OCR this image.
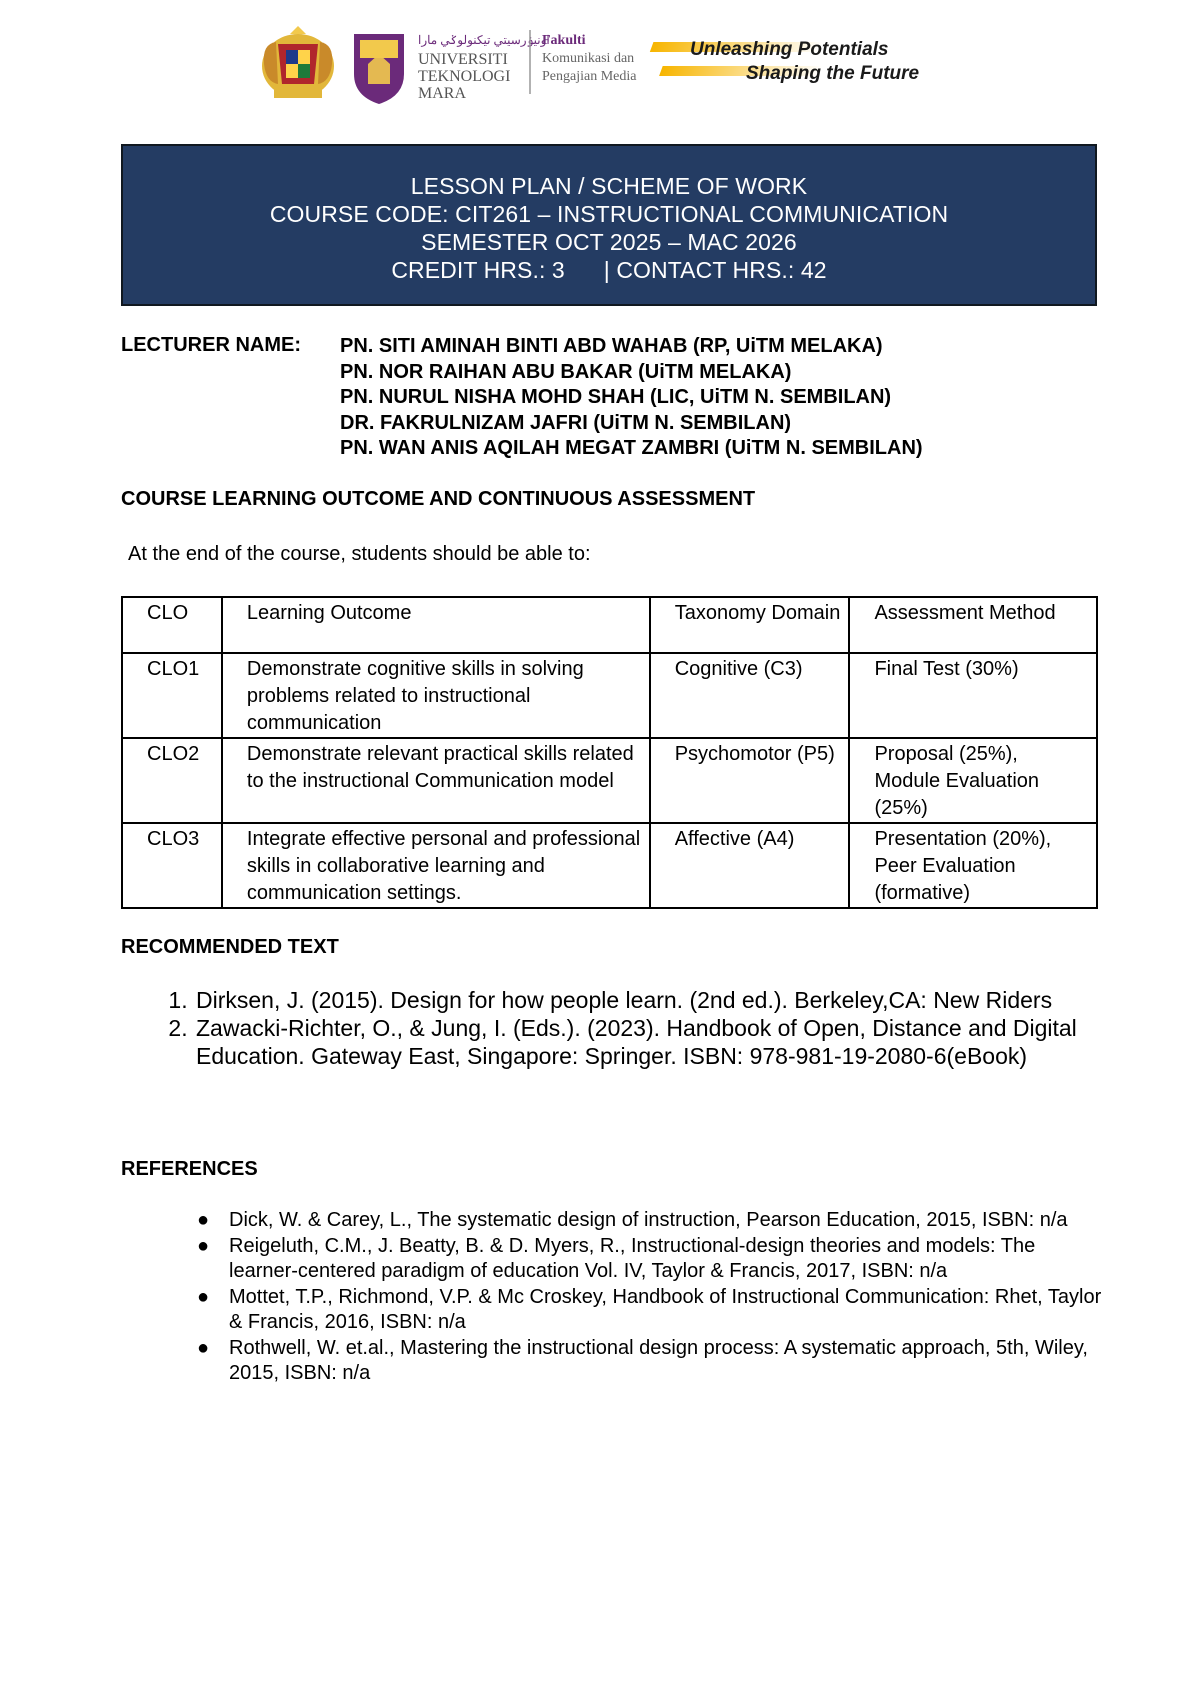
اونيۏرسيتي تيكنولوݢي مارا
UNIVERSITI
TEKNOLOGI
MARA
Fakulti
Komunikasi dan
Pengajian Media
Unleashing Potentials
Shaping the Future
LESSON PLAN / SCHEME OF WORK
COURSE CODE: CIT261 – INSTRUCTIONAL COMMUNICATION
SEMESTER OCT 2025 – MAC 2026
CREDIT HRS.: 3      | CONTACT HRS.: 42
LECTURER NAME: PN. SITI AMINAH BINTI ABD WAHAB (RP, UiTM MELAKA)
PN. NOR RAIHAN ABU BAKAR (UiTM MELAKA)
PN. NURUL NISHA MOHD SHAH (LIC, UiTM N. SEMBILAN)
DR. FAKRULNIZAM JAFRI (UiTM N. SEMBILAN)
PN. WAN ANIS AQILAH MEGAT ZAMBRI (UiTM N. SEMBILAN)
COURSE LEARNING OUTCOME AND CONTINUOUS ASSESSMENT
At the end of the course, students should be able to:
CLO	Learning Outcome	Taxonomy Domain	Assessment Method
CLO1	Demonstrate cognitive skills in solving problems related to instructional communication	Cognitive (C3)	Final Test (30%)
CLO2	Demonstrate relevant practical skills related to the instructional Communication model	Psychomotor (P5)	Proposal (25%), Module Evaluation (25%)
CLO3	Integrate effective personal and professional skills in collaborative learning and communication settings.	Affective (A4)	Presentation (20%), Peer Evaluation (formative)
RECOMMENDED TEXT
1. Dirksen, J. (2015). Design for how people learn. (2nd ed.). Berkeley,CA: New Riders
2. Zawacki-Richter, O., & Jung, I. (Eds.). (2023). Handbook of Open, Distance and Digital Education. Gateway East, Singapore: Springer. ISBN: 978-981-19-2080-6(eBook)
REFERENCES
● Dick, W. & Carey, L., The systematic design of instruction, Pearson Education, 2015, ISBN: n/a
● Reigeluth, C.M., J. Beatty, B. & D. Myers, R., Instructional-design theories and models: The learner-centered paradigm of education Vol. IV, Taylor & Francis, 2017, ISBN: n/a
● Mottet, T.P., Richmond, V.P. & Mc Croskey, Handbook of Instructional Communication: Rhet, Taylor & Francis, 2016, ISBN: n/a
● Rothwell, W. et.al., Mastering the instructional design process: A systematic approach, 5th, Wiley, 2015, ISBN: n/a
